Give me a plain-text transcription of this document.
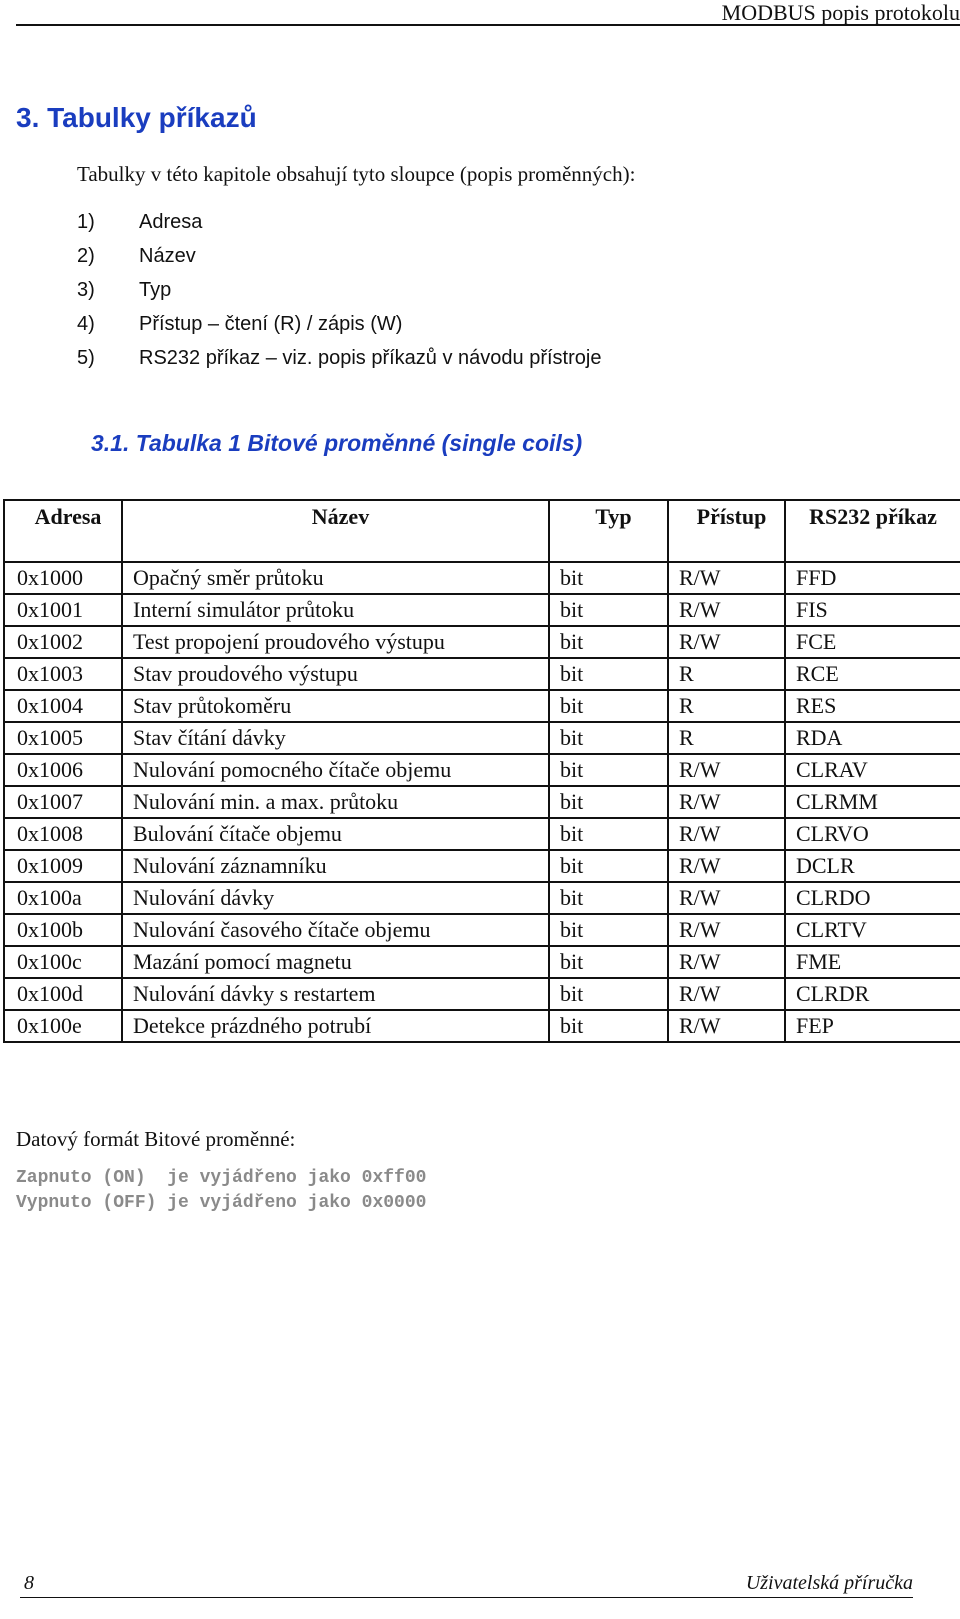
MODBUS popis protokolu
3. Tabulky příkazů
Tabulky v této kapitole obsahují tyto sloupce (popis proměnných):
1)	Adresa
2)	Název
3)	Typ
4)	Přístup – čtení (R) / zápis (W)
5)	RS232 příkaz – viz. popis příkazů v návodu přístroje
3.1. Tabulka 1 Bitové proměnné (single coils)
Adresa	Název	Typ	Přístup	RS232 příkaz
0x1000	Opačný směr průtoku	bit	R/W	FFD
0x1001	Interní simulátor průtoku	bit	R/W	FIS
0x1002	Test propojení proudového výstupu	bit	R/W	FCE
0x1003	Stav proudového výstupu	bit	R	RCE
0x1004	Stav průtokoměru	bit	R	RES
0x1005	Stav čítání dávky	bit	R	RDA
0x1006	Nulování pomocného čítače objemu	bit	R/W	CLRAV
0x1007	Nulování min. a max. průtoku	bit	R/W	CLRMM
0x1008	Bulování čítače objemu	bit	R/W	CLRVO
0x1009	Nulování záznamníku	bit	R/W	DCLR
0x100a	Nulování dávky	bit	R/W	CLRDO
0x100b	Nulování časového čítače objemu	bit	R/W	CLRTV
0x100c	Mazání pomocí magnetu	bit	R/W	FME
0x100d	Nulování dávky s restartem	bit	R/W	CLRDR
0x100e	Detekce prázdného potrubí	bit	R/W	FEP
Datový formát Bitové proměnné:
Zapnuto (ON)  je vyjádřeno jako 0xff00
Vypnuto (OFF) je vyjádřeno jako 0x0000
8	Uživatelská příručka
